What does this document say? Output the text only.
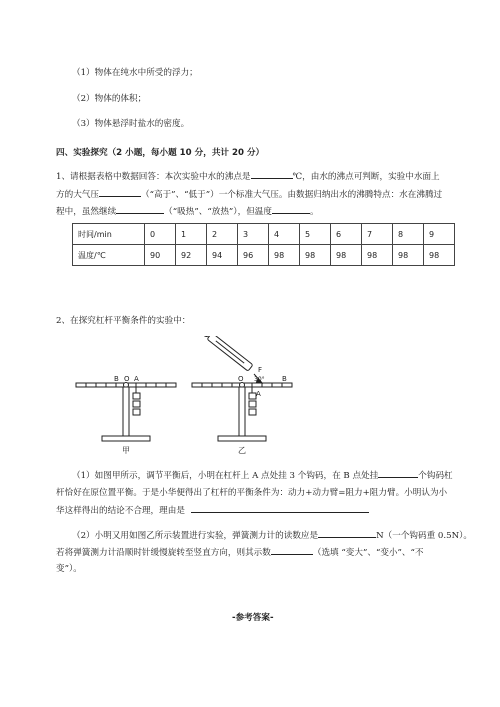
（1）物体在纯水中所受的浮力；
（2）物体的体积；
（3）物体悬浮时盐水的密度。
四、实验探究（2 小题，每小题 10 分，共计 20 分）
1、请根据表格中数据回答：本次实验中水的沸点是	℃，由水的沸点可判断，实验中水面上
方的大气压	（“高于”、“低于”）一个标准大气压。由数据归纳出水的沸腾特点：水在沸腾过
程中，虽然继续	（“吸热”、“放热”），但温度	。
时间/min	0	1	2	3	4	5	6	7	8	9
温度/℃	90	92	94	96	98	98	98	98	98	98
2、在探究杠杆平衡条件的实验中：
B O A
甲
O 30° B
A
F
乙
（1）如图甲所示，调节平衡后，小明在杠杆上 A 点处挂 3 个钩码，在 B 点处挂	个钩码杠
杆恰好在原位置平衡。于是小华便得出了杠杆的平衡条件为：动力+动力臂=阻力+阻力臂。小明认为小
华这样得出的结论不合理，理由是
（2）小明又用如图乙所示装置进行实验，弹簧测力计的读数应是	N（一个钩码重 0.5N）。
若将弹簧测力计沿顺时针缓慢旋转至竖直方向，则其示数	（选填 “变大”、“变小”、“不
变”）。
-参考答案-
